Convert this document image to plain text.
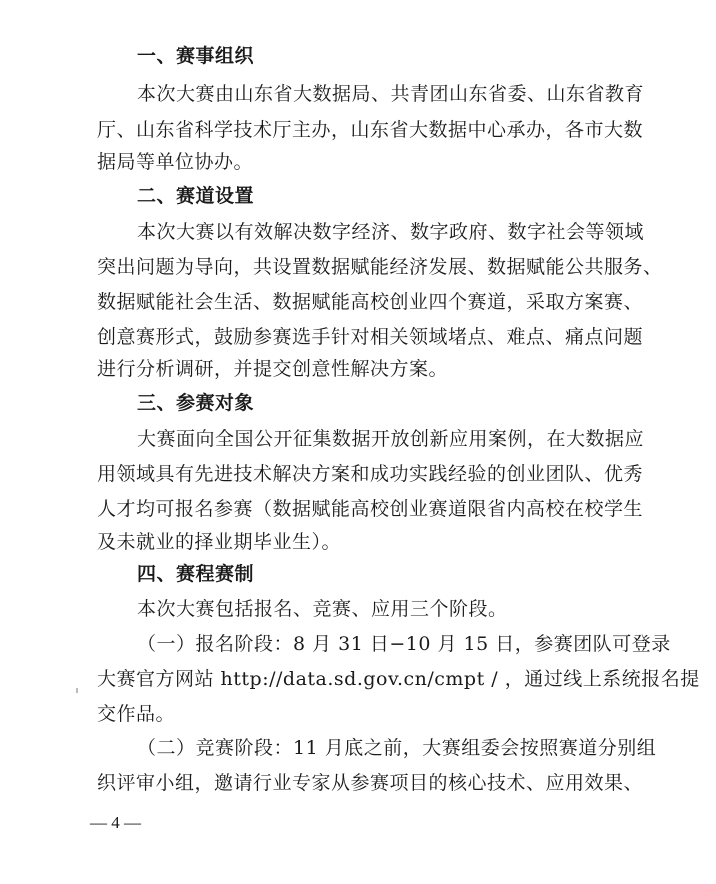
一、赛事组织
本次大赛由山东省大数据局、共青团山东省委、山东省教育
厅、山东省科学技术厅主办，山东省大数据中心承办，各市大数
据局等单位协办。
二、赛道设置
本次大赛以有效解决数字经济、数字政府、数字社会等领域
突出问题为导向，共设置数据赋能经济发展、数据赋能公共服务、
数据赋能社会生活、数据赋能高校创业四个赛道，采取方案赛、
创意赛形式，鼓励参赛选手针对相关领域堵点、难点、痛点问题
进行分析调研，并提交创意性解决方案。
三、参赛对象
大赛面向全国公开征集数据开放创新应用案例，在大数据应
用领域具有先进技术解决方案和成功实践经验的创业团队、优秀
人才均可报名参赛（数据赋能高校创业赛道限省内高校在校学生
及未就业的择业期毕业生）。
四、赛程赛制
本次大赛包括报名、竞赛、应用三个阶段。
（一）报名阶段：8 月 31 日−10 月 15 日，参赛团队可登录
大赛官方网站 http://data.sd.gov.cn/cmpt / ，通过线上系统报名提
交作品。
（二）竞赛阶段：11 月底之前，大赛组委会按照赛道分别组
织评审小组，邀请行业专家从参赛项目的核心技术、应用效果、
— 4 —
